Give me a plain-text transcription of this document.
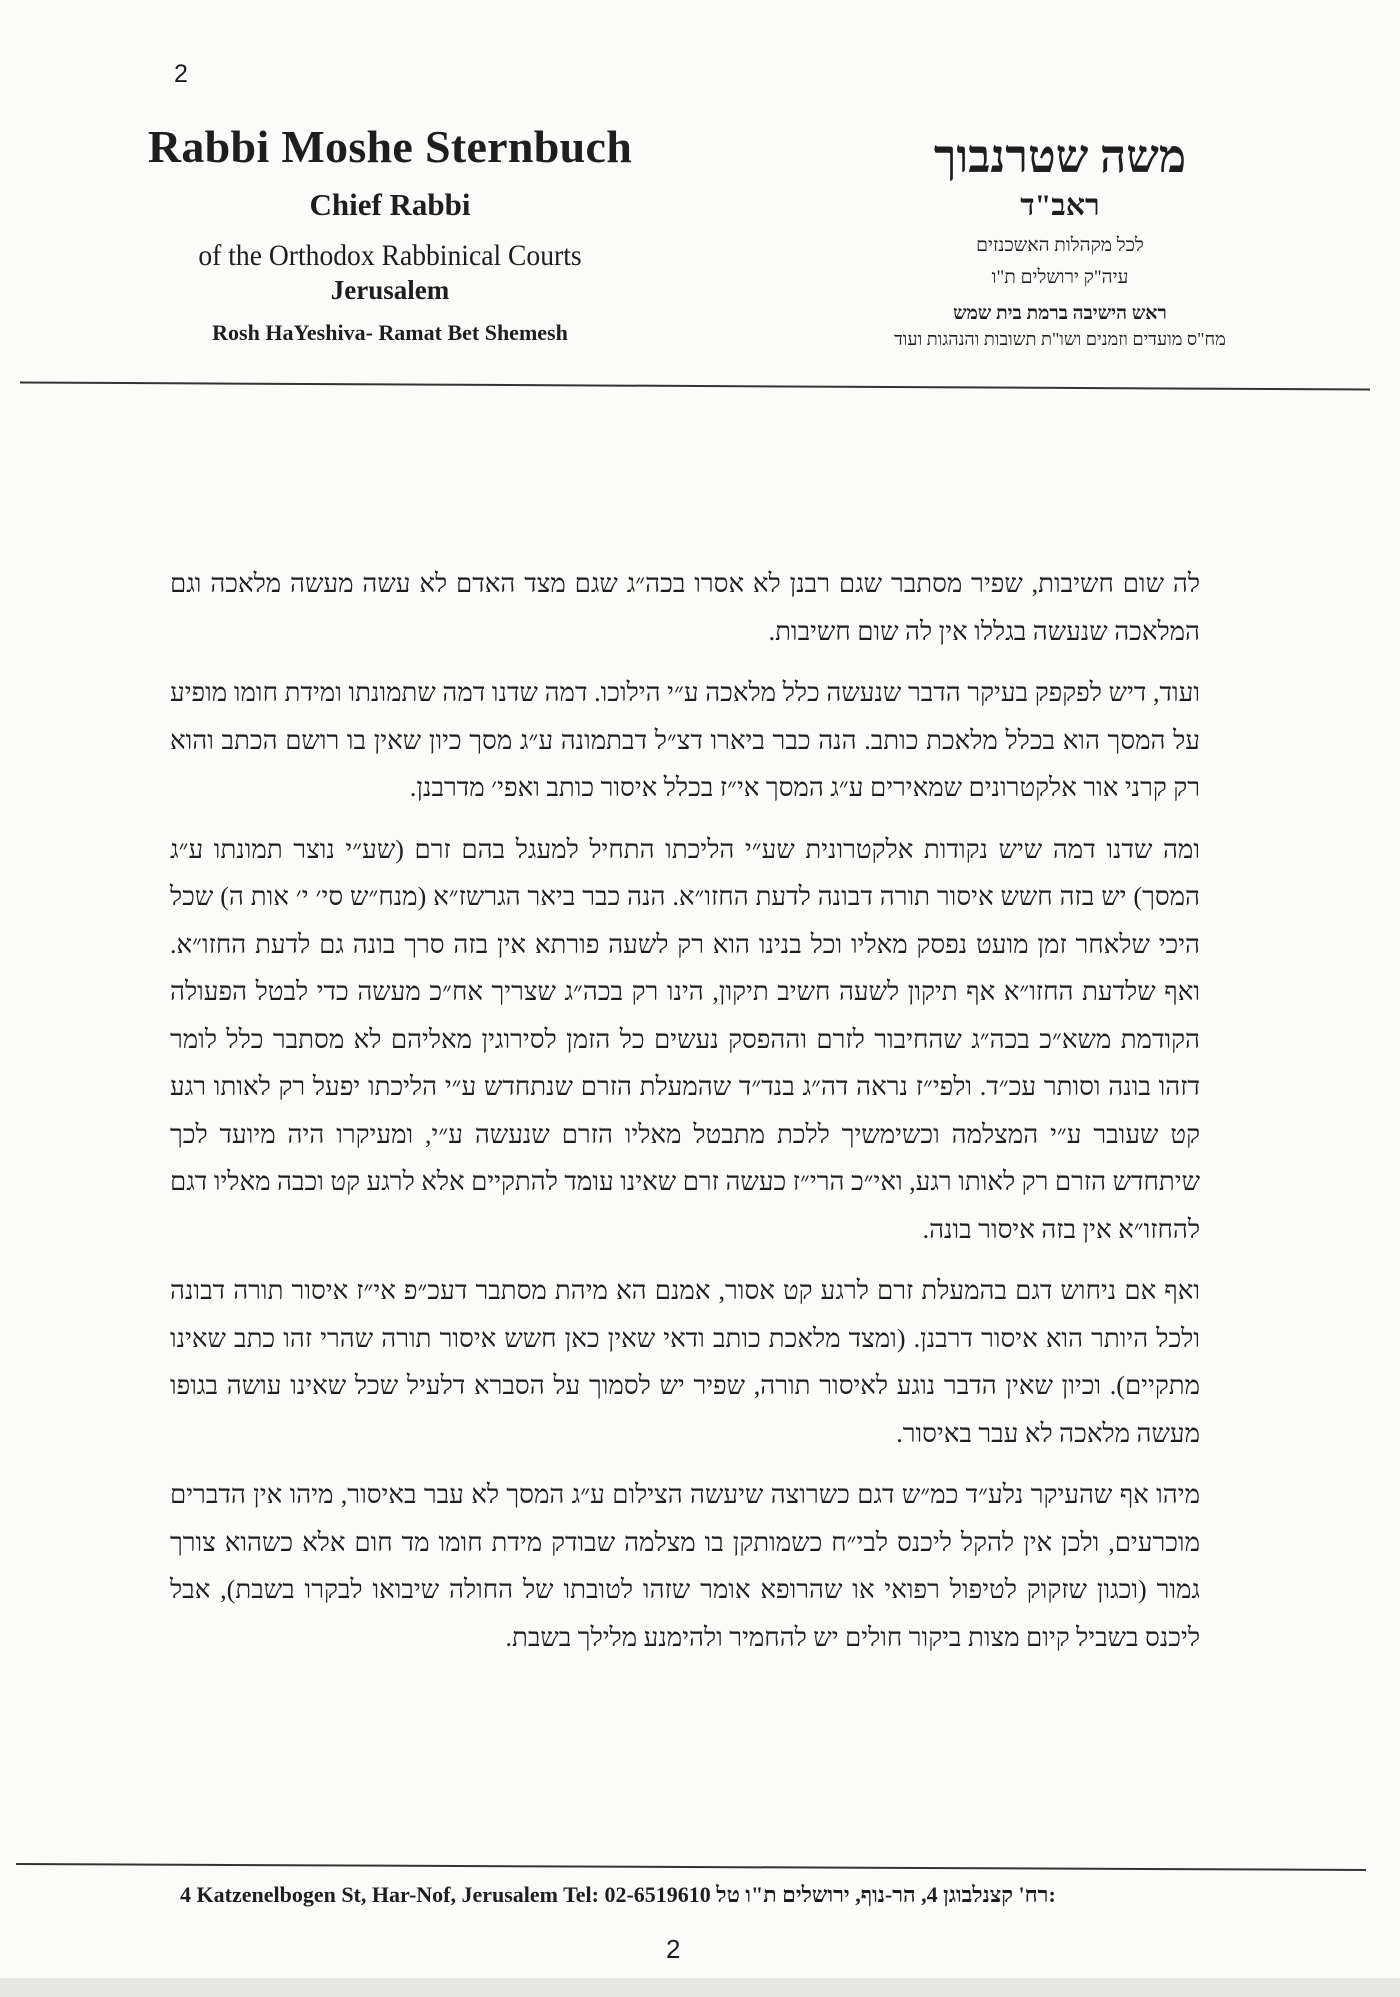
2
Rabbi Moshe Sternbuch
Chief Rabbi
of the Orthodox Rabbinical Courts
Jerusalem
Rosh HaYeshiva- Ramat Bet Shemesh
משה שטרנבוך
ראב"ד
לכל מקהלות האשכנזים
עיה"ק ירושלים ת"ו
ראש הישיבה ברמת בית שמש
מח"ס מועדים וזמנים ושו"ת תשובות והנהגות ועוד

לה שום חשיבות, שפיר מסתבר שגם רבנן לא אסרו בכה״ג שגם מצד האדם לא עשה מעשה מלאכה וגם המלאכה שנעשה בגללו אין לה שום חשיבות.

ועוד, דיש לפקפק בעיקר הדבר שנעשה כלל מלאכה ע״י הילוכו. דמה שדנו דמה שתמונתו ומידת חומו מופיע על המסך הוא בכלל מלאכת כותב. הנה כבר ביארו דצ״ל דבתמונה ע״ג מסך כיון שאין בו רושם הכתב והוא רק קרני אור אלקטרונים שמאירים ע״ג המסך אי״ז בכלל איסור כותב ואפי׳ מדרבנן.

ומה שדנו דמה שיש נקודות אלקטרונית שע״י הליכתו התחיל למעגל בהם זרם (שע״י נוצר תמונתו ע״ג המסך) יש בזה חשש איסור תורה דבונה לדעת החזו״א. הנה כבר ביאר הגרשז״א (מנח״ש סי׳ י׳ אות ה) שכל היכי שלאחר זמן מועט נפסק מאליו וכל בנינו הוא רק לשעה פורתא אין בזה סרך בונה גם לדעת החזו״א. ואף שלדעת החזו״א אף תיקון לשעה חשיב תיקון, הינו רק בכה״ג שצריך אח״כ מעשה כדי לבטל הפעולה הקודמת משא״כ בכה״ג שהחיבור לזרם וההפסק נעשים כל הזמן לסירוגין מאליהם לא מסתבר כלל לומר דזהו בונה וסותר עכ״ד. ולפי״ז נראה דה״ג בנד״ד שהמעלת הזרם שנתחדש ע״י הליכתו יפעל רק לאותו רגע קט שעובר ע״י המצלמה וכשימשיך ללכת מתבטל מאליו הזרם שנעשה ע״י, ומעיקרו היה מיועד לכך שיתחדש הזרם רק לאותו רגע, ואי״כ הרי״ז כעשה זרם שאינו עומד להתקיים אלא לרגע קט וכבה מאליו דגם להחזו״א אין בזה איסור בונה.

ואף אם ניחוש דגם בהמעלת זרם לרגע קט אסור, אמנם הא מיהת מסתבר דעכ״פ אי״ז איסור תורה דבונה ולכל היותר הוא איסור דרבנן. (ומצד מלאכת כותב ודאי שאין כאן חשש איסור תורה שהרי זהו כתב שאינו מתקיים). וכיון שאין הדבר נוגע לאיסור תורה, שפיר יש לסמוך על הסברא דלעיל שכל שאינו עושה בגופו מעשה מלאכה לא עבר באיסור.

מיהו אף שהעיקר נלע״ד כמ״ש דגם כשרוצה שיעשה הצילום ע״ג המסך לא עבר באיסור, מיהו אין הדברים מוכרעים, ולכן אין להקל ליכנס לבי״ח כשמותקן בו מצלמה שבודק מידת חומו מד חום אלא כשהוא צורך גמור (וכגון שזקוק לטיפול רפואי או שהרופא אומר שזהו לטובתו של החולה שיבואו לבקרו בשבת), אבל ליכנס בשביל קיום מצות ביקור חולים יש להחמיר ולהימנע מלילך בשבת.

4 Katzenelbogen St, Har-Nof, Jerusalem Tel: 02-6519610 רח' קצנלבוגן 4, הר-נוף, ירושלים ת"ו טל:
2
